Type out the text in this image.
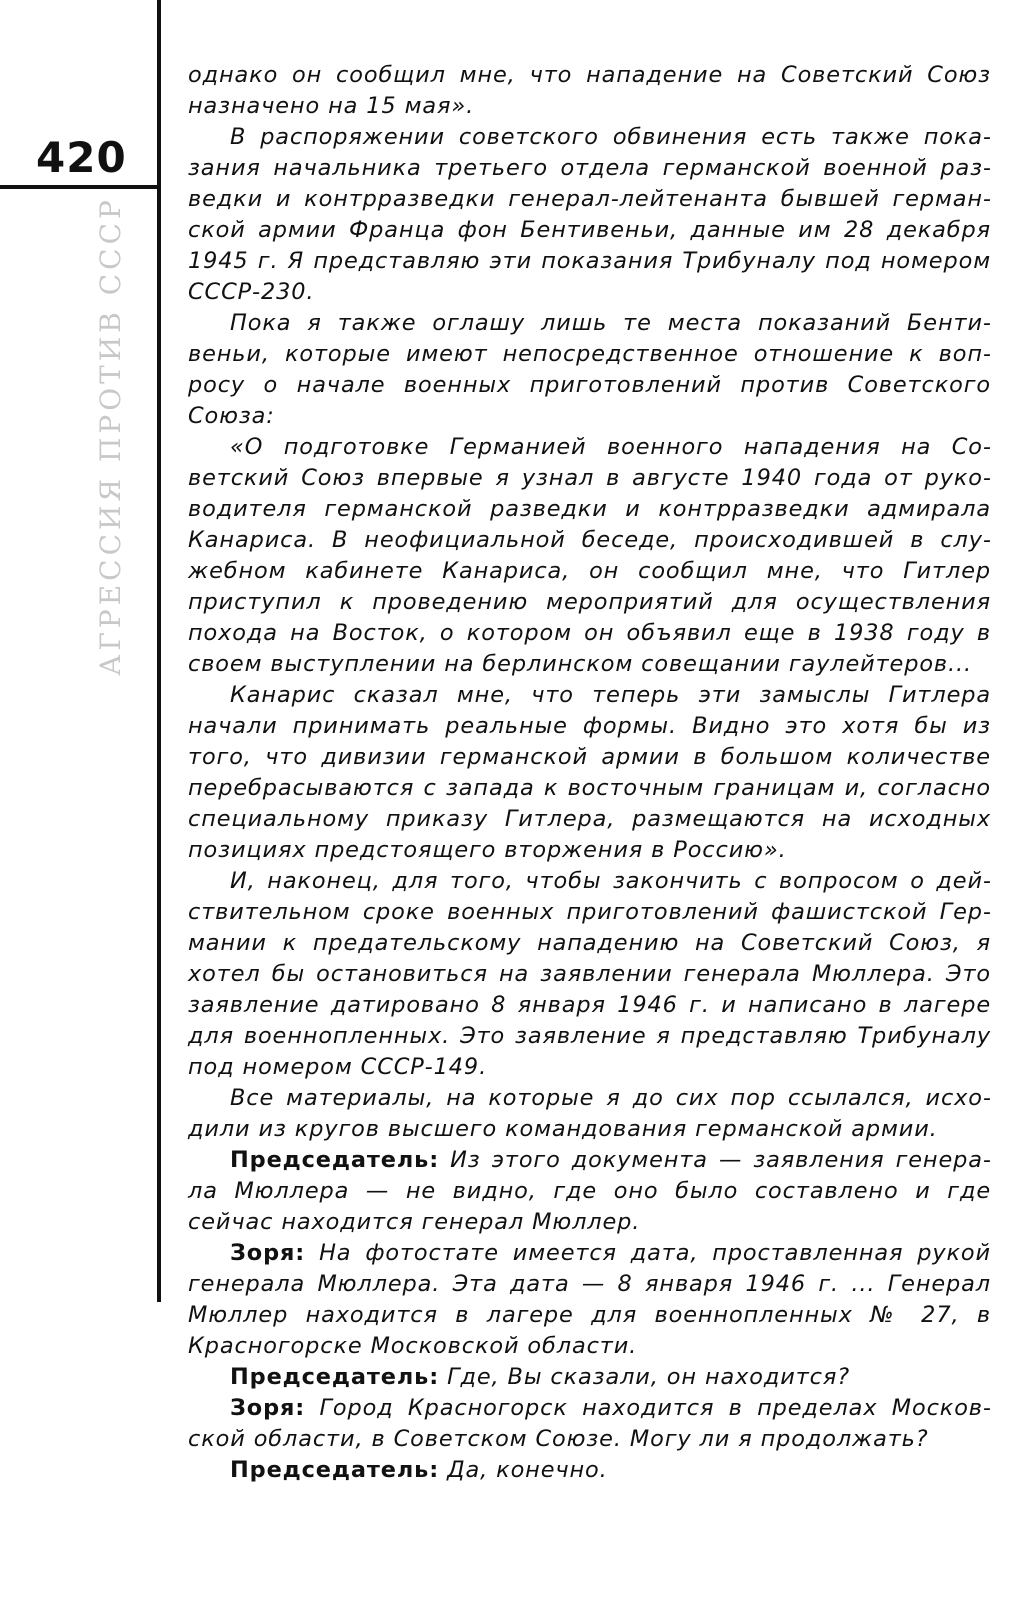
420
АГРЕССИЯ ПРОТИВ СССР

однако он сообщил мне, что нападение на Советский Союз назначено на 15 мая».

В распоряжении советского обвинения есть также показания начальника третьего отдела германской военной разведки и контрразведки генерал-лейтенанта бывшей германской армии Франца фон Бентивеньи, данные им 28 декабря 1945 г. Я представляю эти показания Трибуналу под номером СССР-230.

Пока я также оглашу лишь те места показаний Бентивеньи, которые имеют непосредственное отношение к вопросу о начале военных приготовлений против Советского Союза:

«О подготовке Германией военного нападения на Советский Союз впервые я узнал в августе 1940 года от руководителя германской разведки и контрразведки адмирала Канариса. В неофициальной беседе, происходившей в служебном кабинете Канариса, он сообщил мне, что Гитлер приступил к проведению мероприятий для осуществления похода на Восток, о котором он объявил еще в 1938 году в своем выступлении на берлинском совещании гаулейтеров...

Канарис сказал мне, что теперь эти замыслы Гитлера начали принимать реальные формы. Видно это хотя бы из того, что дивизии германской армии в большом количестве перебрасываются с запада к восточным границам и, согласно специальному приказу Гитлера, размещаются на исходных позициях предстоящего вторжения в Россию».

И, наконец, для того, чтобы закончить с вопросом о действительном сроке военных приготовлений фашистской Германии к предательскому нападению на Советский Союз, я хотел бы остановиться на заявлении генерала Мюллера. Это заявление датировано 8 января 1946 г. и написано в лагере для военнопленных. Это заявление я представляю Трибуналу под номером СССР-149.

Все материалы, на которые я до сих пор ссылался, исходили из кругов высшего командования германской армии.

Председатель: Из этого документа — заявления генерала Мюллера — не видно, где оно было составлено и где сейчас находится генерал Мюллер.

Зоря: На фотостате имеется дата, проставленная рукой генерала Мюллера. Эта дата — 8 января 1946 г. ... Генерал Мюллер находится в лагере для военнопленных № 27, в Красногорске Московской области.

Председатель: Где, Вы сказали, он находится?

Зоря: Город Красногорск находится в пределах Московской области, в Советском Союзе. Могу ли я продолжать?

Председатель: Да, конечно.
